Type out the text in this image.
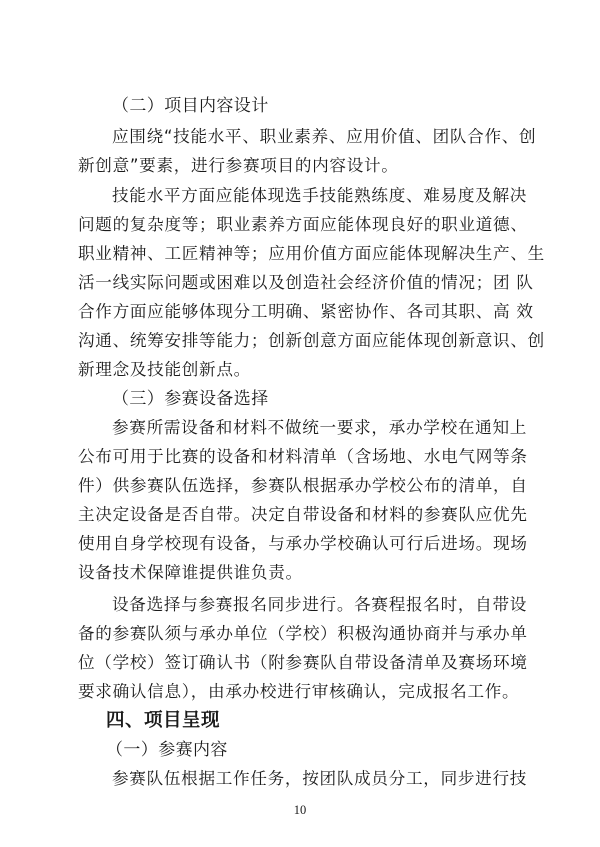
（二）项目内容设计
应围绕“技能水平、职业素养、应用价值、团队合作、创
新创意”要素，进行参赛项目的内容设计。
技能水平方面应能体现选手技能熟练度、难易度及解决
问题的复杂度等；职业素养方面应能体现良好的职业道德、
职业精神、工匠精神等；应用价值方面应能体现解决生产、生
活一线实际问题或困难以及创造社会经济价值的情况；团 队
合作方面应能够体现分工明确、紧密协作、各司其职、高 效
沟通、统筹安排等能力；创新创意方面应能体现创新意识、创
新理念及技能创新点。
（三）参赛设备选择
参赛所需设备和材料不做统一要求，承办学校在通知上
公布可用于比赛的设备和材料清单（含场地、水电气网等条
件）供参赛队伍选择，参赛队根据承办学校公布的清单，自
主决定设备是否自带。决定自带设备和材料的参赛队应优先
使用自身学校现有设备，与承办学校确认可行后进场。现场
设备技术保障谁提供谁负责。
设备选择与参赛报名同步进行。各赛程报名时，自带设
备的参赛队须与承办单位（学校）积极沟通协商并与承办单
位（学校）签订确认书（附参赛队自带设备清单及赛场环境
要求确认信息），由承办校进行审核确认，完成报名工作。
四、项目呈现
（一）参赛内容
参赛队伍根据工作任务，按团队成员分工，同步进行技
10
